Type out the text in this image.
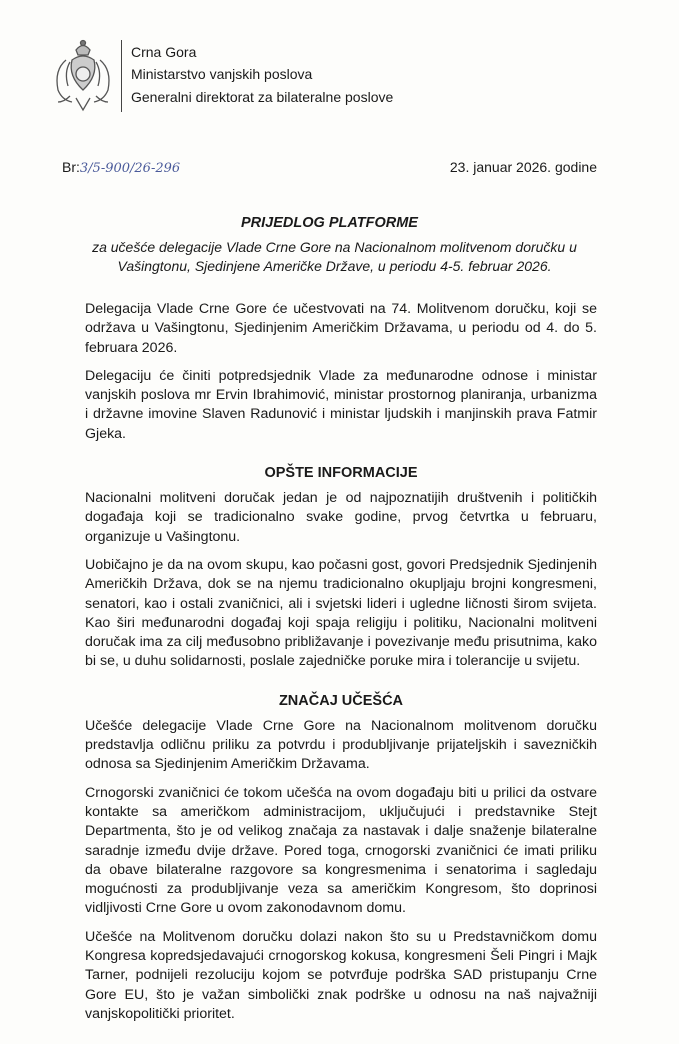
Crna Gora
Ministarstvo vanjskih poslova
Generalni direktorat za bilateralne poslove
Br:3/5-900/26-296	23. januar 2026. godine
PRIJEDLOG PLATFORME
za učešće delegacije Vlade Crne Gore na Nacionalnom molitvenom doručku u Vašingtonu, Sjedinjene Američke Države, u periodu 4-5. februar 2026.

Delegacija Vlade Crne Gore će učestvovati na 74. Molitvenom doručku, koji se održava u Vašingtonu, Sjedinjenim Američkim Državama, u periodu od 4. do 5. februara 2026.

Delegaciju će činiti potpredsjednik Vlade za međunarodne odnose i ministar vanjskih poslova mr Ervin Ibrahimović, ministar prostornog planiranja, urbanizma i državne imovine Slaven Radunović i ministar ljudskih i manjinskih prava Fatmir Gjeka.

OPŠTE INFORMACIJE

Nacionalni molitveni doručak jedan je od najpoznatijih društvenih i političkih događaja koji se tradicionalno svake godine, prvog četvrtka u februaru, organizuje u Vašingtonu.

Uobičajno je da na ovom skupu, kao počasni gost, govori Predsjednik Sjedinjenih Američkih Država, dok se na njemu tradicionalno okupljaju brojni kongresmeni, senatori, kao i ostali zvaničnici, ali i svjetski lideri i ugledne ličnosti širom svijeta. Kao širi međunarodni događaj koji spaja religiju i politiku, Nacionalni molitveni doručak ima za cilj međusobno približavanje i povezivanje među prisutnima, kako bi se, u duhu solidarnosti, poslale zajedničke poruke mira i tolerancije u svijetu.

ZNAČAJ UČEŠĆA

Učešće delegacije Vlade Crne Gore na Nacionalnom molitvenom doručku predstavlja odličnu priliku za potvrdu i produbljivanje prijateljskih i savezničkih odnosa sa Sjedinjenim Američkim Državama.

Crnogorski zvaničnici će tokom učešća na ovom događaju biti u prilici da ostvare kontakte sa američkom administracijom, uključujući i predstavnike Stejt Departmenta, što je od velikog značaja za nastavak i dalje snaženje bilateralne saradnje između dvije države. Pored toga, crnogorski zvaničnici će imati priliku da obave bilateralne razgovore sa kongresmenima i senatorima i sagledaju mogućnosti za produbljivanje veza sa američkim Kongresom, što doprinosi vidljivosti Crne Gore u ovom zakonodavnom domu.

Učešće na Molitvenom doručku dolazi nakon što su u Predstavničkom domu Kongresa kopredsjedavajući crnogorskog kokusa, kongresmeni Šeli Pingri i Majk Tarner, podnijeli rezoluciju kojom se potvrđuje podrška SAD pristupanju Crne Gore EU, što je važan simbolički znak podrške u odnosu na naš najvažniji vanjskopolitički prioritet.
